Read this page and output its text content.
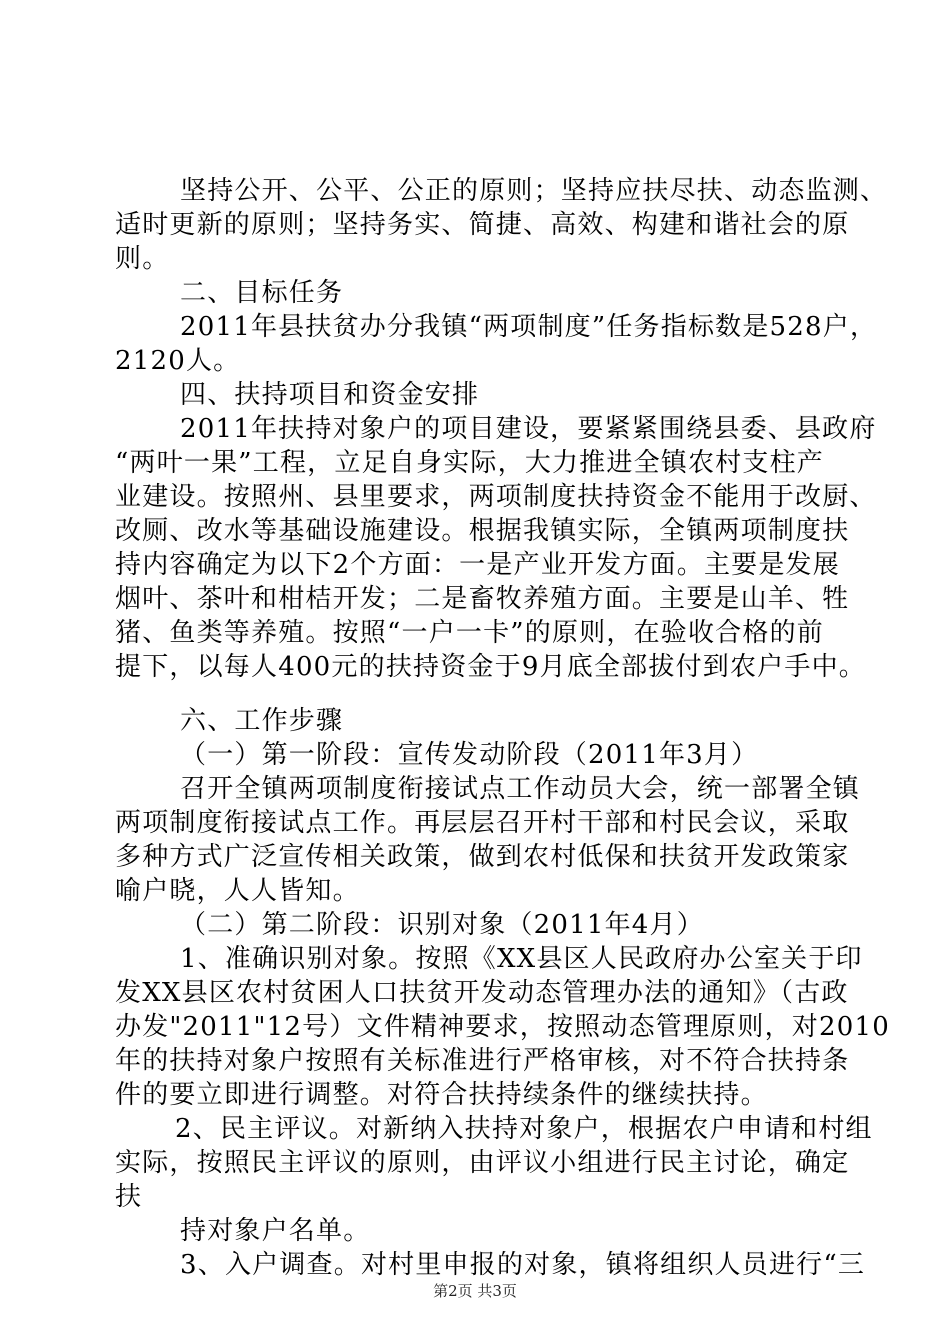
坚持公开、公平、公正的原则；坚持应扶尽扶、动态监测、
适时更新的原则；坚持务实、简捷、高效、构建和谐社会的原
则。
二、目标任务
2011年县扶贫办分我镇“两项制度”任务指标数是528户，
2120人。
四、扶持项目和资金安排
2011年扶持对象户的项目建设，要紧紧围绕县委、县政府
“两叶一果”工程，立足自身实际，大力推进全镇农村支柱产
业建设。按照州、县里要求，两项制度扶持资金不能用于改厨、
改厕、改水等基础设施建设。根据我镇实际，全镇两项制度扶
持内容确定为以下2个方面：一是产业开发方面。主要是发展
烟叶、茶叶和柑桔开发；二是畜牧养殖方面。主要是山羊、牲
猪、鱼类等养殖。按照“一户一卡”的原则，在验收合格的前
提下，以每人400元的扶持资金于9月底全部拔付到农户手中。
六、工作步骤
（一）第一阶段：宣传发动阶段（2011年3月）
召开全镇两项制度衔接试点工作动员大会，统一部署全镇
两项制度衔接试点工作。再层层召开村干部和村民会议，采取
多种方式广泛宣传相关政策，做到农村低保和扶贫开发政策家
喻户晓，人人皆知。
（二）第二阶段：识别对象（2011年4月）
1、准确识别对象。按照《XX县区人民政府办公室关于印
发XX县区农村贫困人口扶贫开发动态管理办法的通知》（古政
办发"2011"12号）文件精神要求，按照动态管理原则，对2010
年的扶持对象户按照有关标准进行严格审核，对不符合扶持条
件的要立即进行调整。对符合扶持续条件的继续扶持。
2、民主评议。对新纳入扶持对象户，根据农户申请和村组
实际，按照民主评议的原则，由评议小组进行民主讨论，确定
扶
持对象户名单。
3、入户调查。对村里申报的对象，镇将组织人员进行“三
第2页 共3页
